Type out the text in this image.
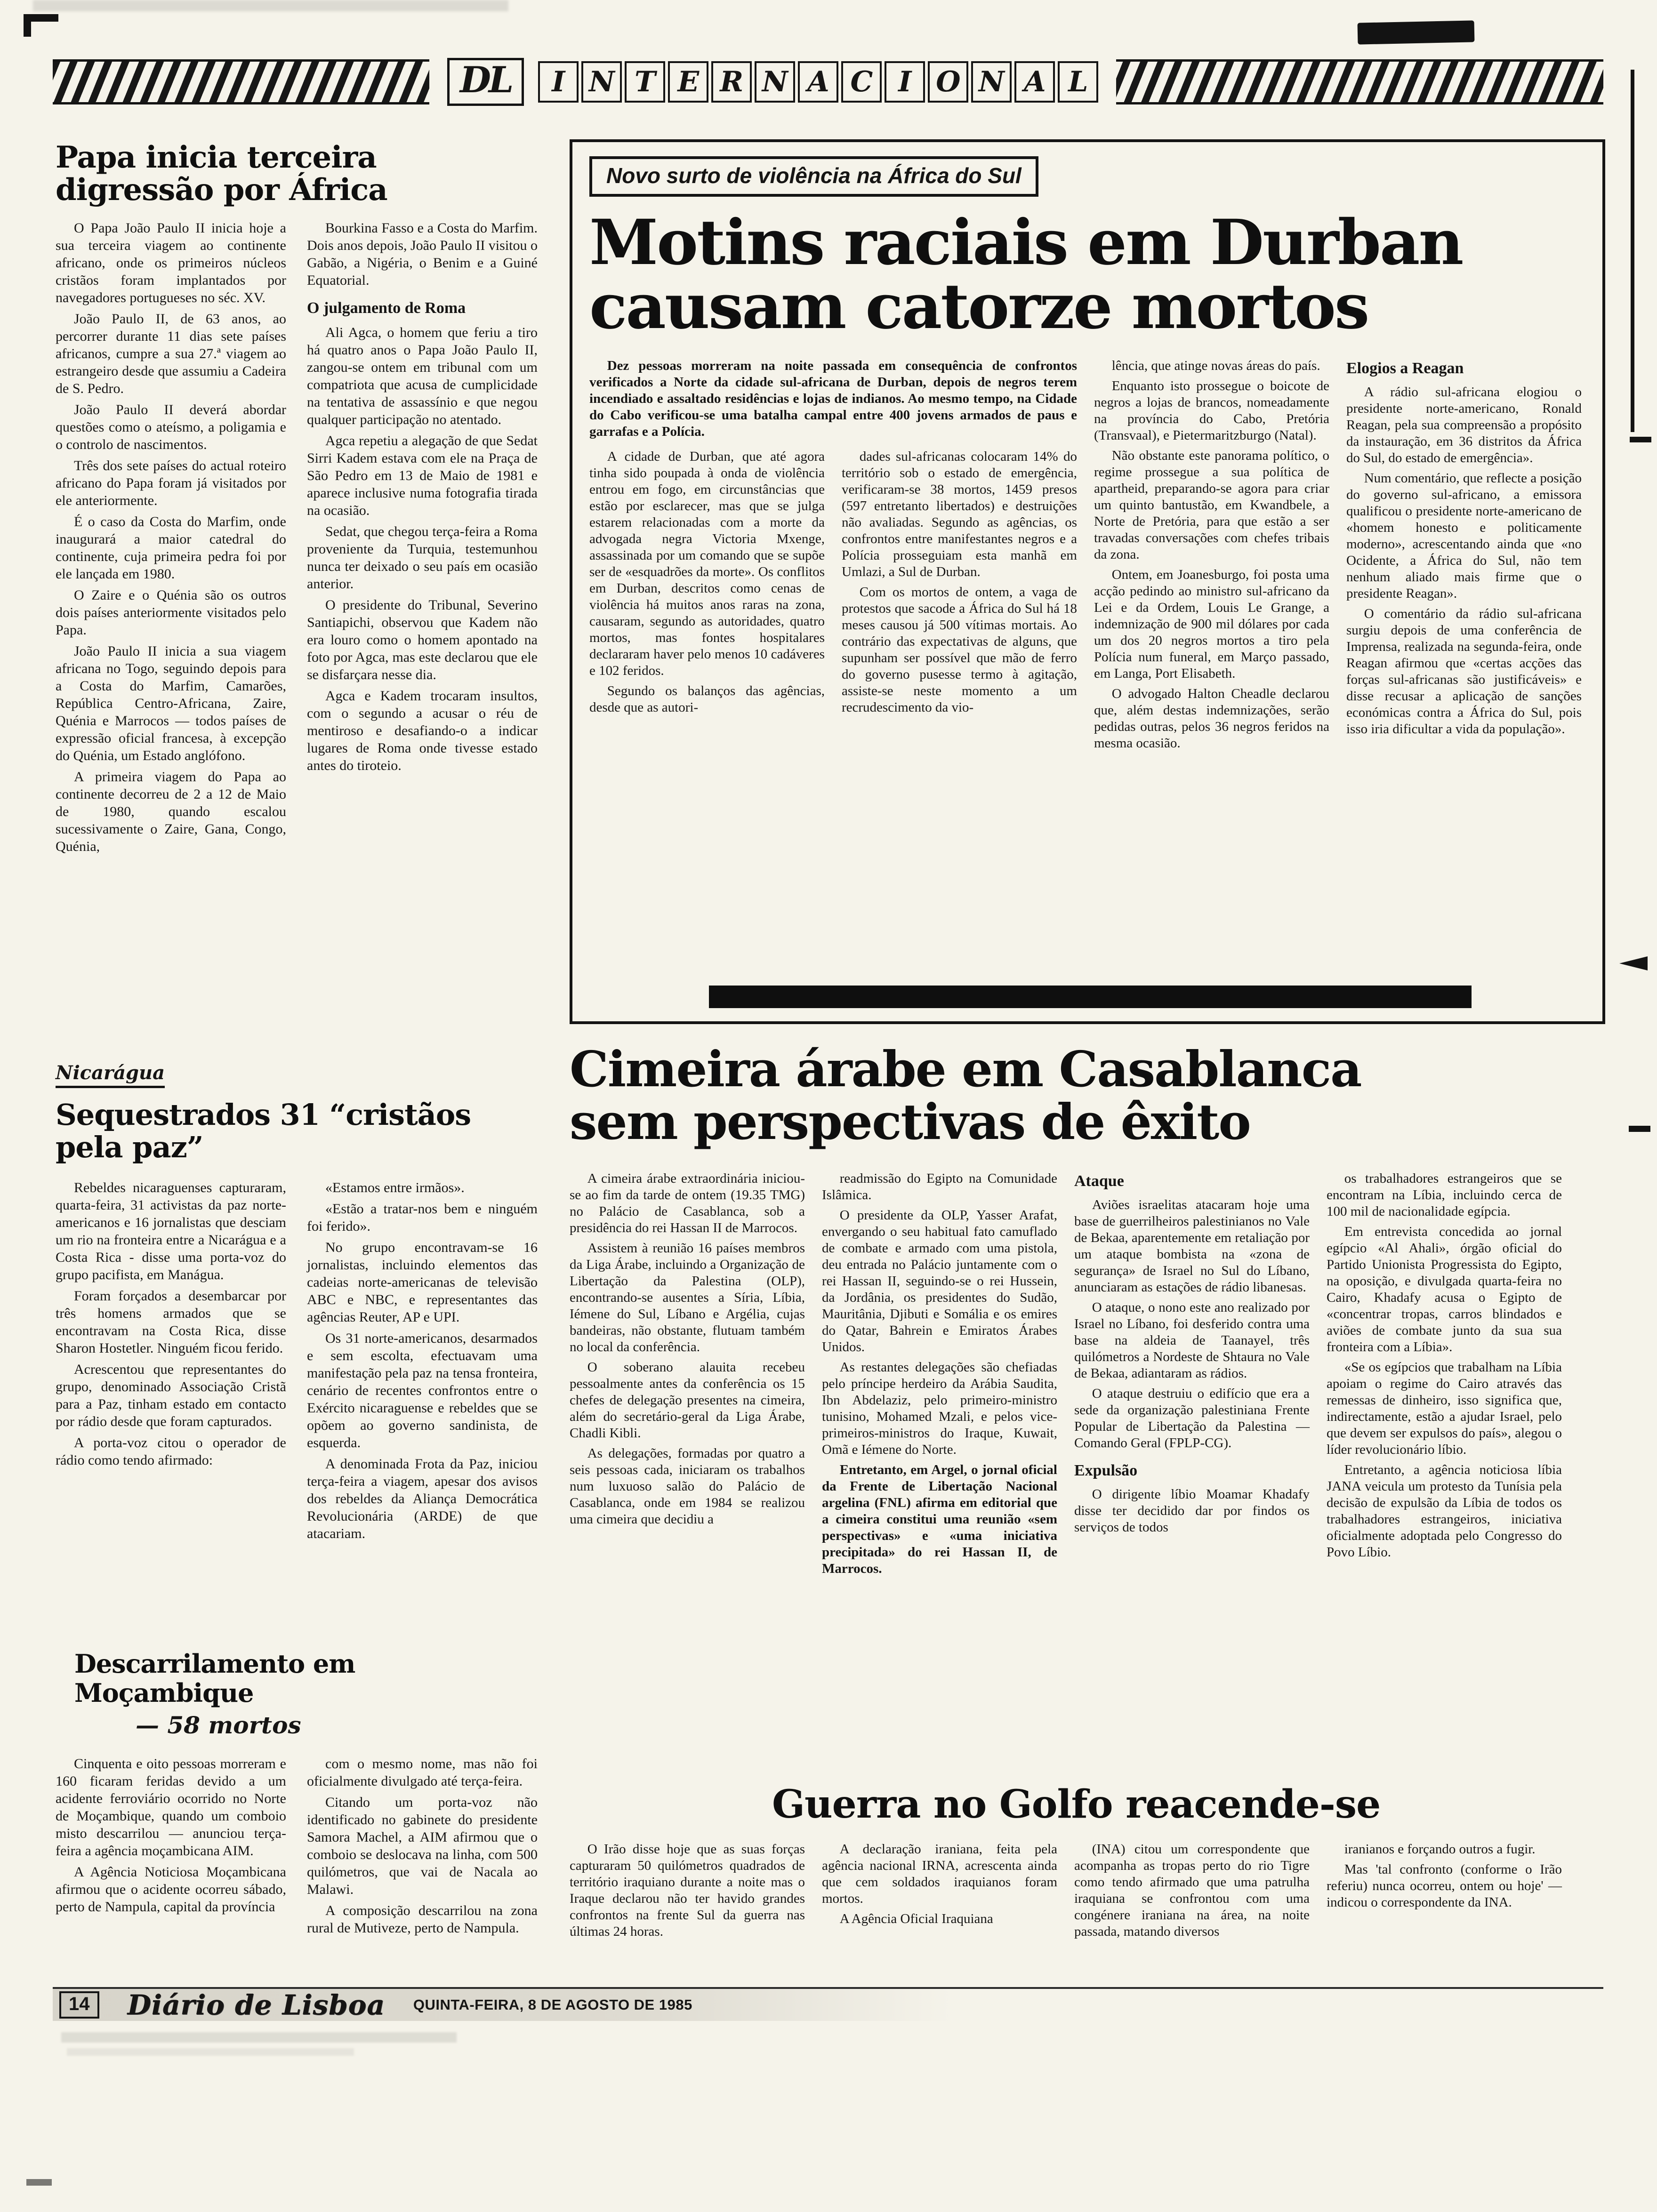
DL	I N T E R N A C I O N A L
Papa inicia terceira
digressão por África

O Papa João Paulo II inicia hoje a sua terceira viagem ao continente africano, onde os primeiros núcleos cristãos foram implantados por navegadores portugueses no séc. XV.

João Paulo II, de 63 anos, ao percorrer durante 11 dias sete países africanos, cumpre a sua 27.ª viagem ao estrangeiro desde que assumiu a Cadeira de S. Pedro.

João Paulo II deverá abordar questões como o ateísmo, a poligamia e o controlo de nascimentos.

Três dos sete países do actual roteiro africano do Papa foram já visitados por ele anteriormente.

É o caso da Costa do Marfim, onde inaugurará a maior catedral do continente, cuja primeira pedra foi por ele lançada em 1980.

O Zaire e o Quénia são os outros dois países anteriormente visitados pelo Papa.

João Paulo II inicia a sua viagem africana no Togo, seguindo depois para a Costa do Marfim, Camarões, República Centro-Africana, Zaire, Quénia e Marrocos — todos países de expressão oficial francesa, à excepção do Quénia, um Estado anglófono.

A primeira viagem do Papa ao continente decorreu de 2 a 12 de Maio de 1980, quando escalou sucessivamente o Zaire, Gana, Congo, Quénia,

Bourkina Fasso e a Costa do Marfim. Dois anos depois, João Paulo II visitou o Gabão, a Nigéria, o Benim e a Guiné Equatorial.

O julgamento de Roma

Ali Agca, o homem que feriu a tiro há quatro anos o Papa João Paulo II, zangou-se ontem em tribunal com um compatriota que acusa de cumplicidade na tentativa de assassínio e que negou qualquer participação no atentado.

Agca repetiu a alegação de que Sedat Sirri Kadem estava com ele na Praça de São Pedro em 13 de Maio de 1981 e aparece inclusive numa fotografia tirada na ocasião.

Sedat, que chegou terça-feira a Roma proveniente da Turquia, testemunhou nunca ter deixado o seu país em ocasião anterior.

O presidente do Tribunal, Severino Santiapichi, observou que Kadem não era louro como o homem apontado na foto por Agca, mas este declarou que ele se disfarçara nesse dia.

Agca e Kadem trocaram insultos, com o segundo a acusar o réu de mentiroso e desafiando-o a indicar lugares de Roma onde tivesse estado antes do tiroteio.

Novo surto de violência na África do Sul
Motins raciais em Durban
causam catorze mortos

Dez pessoas morreram na noite passada em consequência de confrontos verificados a Norte da cidade sul-africana de Durban, depois de negros terem incendiado e assaltado residências e lojas de indianos. Ao mesmo tempo, na Cidade do Cabo verificou-se uma batalha campal entre 400 jovens armados de paus e garrafas e a Polícia.

A cidade de Durban, que até agora tinha sido poupada à onda de violência entrou em fogo, em circunstâncias que estão por esclarecer, mas que se julga estarem relacionadas com a morte da advogada negra Victoria Mxenge, assassinada por um comando que se supõe ser de «esquadrões da morte». Os conflitos em Durban, descritos como cenas de violência há muitos anos raras na zona, causaram, segundo as autoridades, quatro mortos, mas fontes hospitalares declararam haver pelo menos 10 cadáveres e 102 feridos.

Segundo os balanços das agências, desde que as autori-

dades sul-africanas colocaram 14% do território sob o estado de emergência, verificaram-se 38 mortos, 1459 presos (597 entretanto libertados) e destruições não avaliadas. Segundo as agências, os confrontos entre manifestantes negros e a Polícia prosseguiam esta manhã em Umlazi, a Sul de Durban.

Com os mortos de ontem, a vaga de protestos que sacode a África do Sul há 18 meses causou já 500 vítimas mortais. Ao contrário das expectativas de alguns, que supunham ser possível que mão de ferro do governo pusesse termo à agitação, assiste-se neste momento a um recrudescimento da vio-

lência, que atinge novas áreas do país.

Enquanto isto prossegue o boicote de negros a lojas de brancos, nomeadamente na província do Cabo, Pretória (Transvaal), e Pietermaritzburgo (Natal).

Não obstante este panorama político, o regime prossegue a sua política de apartheid, preparando-se agora para criar um quinto bantustão, em Kwandbele, a Norte de Pretória, para que estão a ser travadas conversações com chefes tribais da zona.

Ontem, em Joanesburgo, foi posta uma acção pedindo ao ministro sul-africano da Lei e da Ordem, Louis Le Grange, a indemnização de 900 mil dólares por cada um dos 20 negros mortos a tiro pela Polícia num funeral, em Março passado, em Langa, Port Elisabeth.

O advogado Halton Cheadle declarou que, além destas indemnizações, serão pedidas outras, pelos 36 negros feridos na mesma ocasião.

Elogios a Reagan

A rádio sul-africana elogiou o presidente norte-americano, Ronald Reagan, pela sua compreensão a propósito da instauração, em 36 distritos da África do Sul, do estado de emergência».

Num comentário, que reflecte a posição do governo sul-africano, a emissora qualificou o presidente norte-americano de «homem honesto e politicamente moderno», acrescentando ainda que «no Ocidente, a África do Sul, não tem nenhum aliado mais firme que o presidente Reagan».

O comentário da rádio sul-africana surgiu depois de uma conferência de Imprensa, realizada na segunda-feira, onde Reagan afirmou que «certas acções das forças sul-africanas são justificáveis» e disse recusar a aplicação de sanções económicas contra a África do Sul, pois isso iria dificultar a vida da população».

Nicarágua
Sequestrados 31 “cristãos
pela paz”

Rebeldes nicaraguenses capturaram, quarta-feira, 31 activistas da paz norte-americanos e 16 jornalistas que desciam um rio na fronteira entre a Nicarágua e a Costa Rica - disse uma porta-voz do grupo pacifista, em Manágua.

Foram forçados a desembarcar por três homens armados que se encontravam na Costa Rica, disse Sharon Hostetler. Ninguém ficou ferido.

Acrescentou que representantes do grupo, denominado Associação Cristã para a Paz, tinham estado em contacto por rádio desde que foram capturados.

A porta-voz citou o operador de rádio como tendo afirmado:

«Estamos entre irmãos».

«Estão a tratar-nos bem e ninguém foi ferido».

No grupo encontravam-se 16 jornalistas, incluindo elementos das cadeias norte-americanas de televisão ABC e NBC, e representantes das agências Reuter, AP e UPI.

Os 31 norte-americanos, desarmados e sem escolta, efectuavam uma manifestação pela paz na tensa fronteira, cenário de recentes confrontos entre o Exército nicaraguense e rebeldes que se opõem ao governo sandinista, de esquerda.

A denominada Frota da Paz, iniciou terça-feira a viagem, apesar dos avisos dos rebeldes da Aliança Democrática Revolucionária (ARDE) de que atacariam.

Cimeira árabe em Casablanca
sem perspectivas de êxito

A cimeira árabe extraordinária iniciou-se ao fim da tarde de ontem (19.35 TMG) no Palácio de Casablanca, sob a presidência do rei Hassan II de Marrocos.

Assistem à reunião 16 países membros da Liga Árabe, incluindo a Organização de Libertação da Palestina (OLP), encontrando-se ausentes a Síria, Líbia, Iémene do Sul, Líbano e Argélia, cujas bandeiras, não obstante, flutuam também no local da conferência.

O soberano alauita recebeu pessoalmente antes da conferência os 15 chefes de delegação presentes na cimeira, além do secretário-geral da Liga Árabe, Chadli Kibli.

As delegações, formadas por quatro a seis pessoas cada, iniciaram os trabalhos num luxuoso salão do Palácio de Casablanca, onde em 1984 se realizou uma cimeira que decidiu a

readmissão do Egipto na Comunidade Islâmica.

O presidente da OLP, Yasser Arafat, envergando o seu habitual fato camuflado de combate e armado com uma pistola, deu entrada no Palácio juntamente com o rei Hassan II, seguindo-se o rei Hussein, da Jordânia, os presidentes do Sudão, Mauritânia, Djibuti e Somália e os emires do Qatar, Bahrein e Emiratos Árabes Unidos.

As restantes delegações são chefiadas pelo príncipe herdeiro da Arábia Saudita, Ibn Abdelaziz, pelo primeiro-ministro tunisino, Mohamed Mzali, e pelos vice-primeiros-ministros do Iraque, Kuwait, Omã e Iémene do Norte.

Entretanto, em Argel, o jornal oficial da Frente de Libertação Nacional argelina (FNL) afirma em editorial que a cimeira constitui uma reunião «sem perspectivas» e «uma iniciativa precipitada» do rei Hassan II, de Marrocos.

Ataque

Aviões israelitas atacaram hoje uma base de guerrilheiros palestinianos no Vale de Bekaa, aparentemente em retaliação por um ataque bombista na «zona de segurança» de Israel no Sul do Líbano, anunciaram as estações de rádio libanesas.

O ataque, o nono este ano realizado por Israel no Líbano, foi desferido contra uma base na aldeia de Taanayel, três quilómetros a Nordeste de Shtaura no Vale de Bekaa, adiantaram as rádios.

O ataque destruiu o edifício que era a sede da organização palestiniana Frente Popular de Libertação da Palestina — Comando Geral (FPLP-CG).

Expulsão

O dirigente líbio Moamar Khadafy disse ter decidido dar por findos os serviços de todos

os trabalhadores estrangeiros que se encontram na Líbia, incluindo cerca de 100 mil de nacionalidade egípcia.

Em entrevista concedida ao jornal egípcio «Al Ahali», órgão oficial do Partido Unionista Progressista do Egipto, na oposição, e divulgada quarta-feira no Cairo, Khadafy acusa o Egipto de «concentrar tropas, carros blindados e aviões de combate junto da sua sua fronteira com a Líbia».

«Se os egípcios que trabalham na Líbia apoiam o regime do Cairo através das remessas de dinheiro, isso significa que, indirectamente, estão a ajudar Israel, pelo que devem ser expulsos do país», alegou o líder revolucionário líbio.

Entretanto, a agência noticiosa líbia JANA veicula um protesto da Tunísia pela decisão de expulsão da Líbia de todos os trabalhadores estrangeiros, iniciativa oficialmente adoptada pelo Congresso do Povo Líbio.

Descarrilamento em Moçambique
— 58 mortos

Cinquenta e oito pessoas morreram e 160 ficaram feridas devido a um acidente ferroviário ocorrido no Norte de Moçambique, quando um comboio misto descarrilou — anunciou terça-feira a agência moçambicana AIM.

A Agência Noticiosa Moçambicana afirmou que o acidente ocorreu sábado, perto de Nampula, capital da província

com o mesmo nome, mas não foi oficialmente divulgado até terça-feira.

Citando um porta-voz não identificado no gabinete do presidente Samora Machel, a AIM afirmou que o comboio se deslocava na linha, com 500 quilómetros, que vai de Nacala ao Malawi.

A composição descarrilou na zona rural de Mutiveze, perto de Nampula.

Guerra no Golfo reacende-se

O Irão disse hoje que as suas forças capturaram 50 quilómetros quadrados de território iraquiano durante a noite mas o Iraque declarou não ter havido grandes confrontos na frente Sul da guerra nas últimas 24 horas.

A declaração iraniana, feita pela agência nacional IRNA, acrescenta ainda que cem soldados iraquianos foram mortos.

A Agência Oficial Iraquiana

(INA) citou um correspondente que acompanha as tropas perto do rio Tigre como tendo afirmado que uma patrulha iraquiana se confrontou com uma congénere iraniana na área, na noite passada, matando diversos

iranianos e forçando outros a fugir.

Mas 'tal confronto (conforme o Irão referiu) nunca ocorreu, ontem ou hoje' — indicou o correspondente da INA.

14	Diário de Lisboa QUINTA-FEIRA, 8 DE AGOSTO DE 1985
